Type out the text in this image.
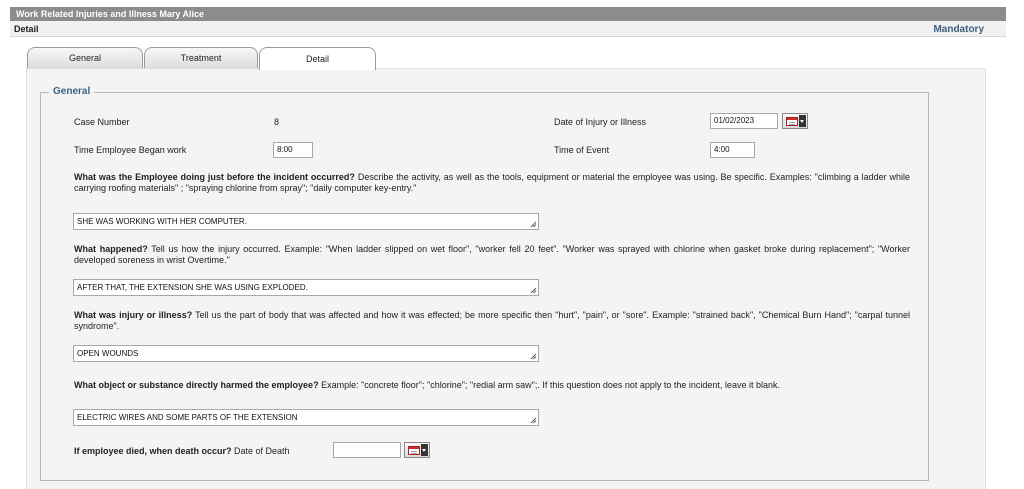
Work Related Injuries and Illness Mary Alice
Detail	Mandatory
General	Treatment	Detail
General
Case Number	8	Date of Injury or Illness	01/02/2023
Time Employee Began work	8:00	Time of Event	4:00
What was the Employee doing just before the incident occurred? Describe the activity, as well as the tools, equipment or material the employee was using. Be specific. Examples: "climbing a ladder while carrying roofing materials" ; "spraying chlorine from spray"; "daily computer key-entry."
SHE WAS WORKING WITH HER COMPUTER.
What happened? Tell us how the injury occurred. Example: "When ladder slipped on wet floor", "worker fell 20 feet". "Worker was sprayed with chlorine when gasket broke during replacement"; "Worker developed soreness in wrist Overtime."
AFTER THAT, THE EXTENSION SHE WAS USING EXPLODED.
What was injury or illness? Tell us the part of body that was affected and how it was effected; be more specific then "hurt", "pain", or "sore". Example: "strained back", "Chemical Burn Hand"; "carpal tunnel syndrome".
OPEN WOUNDS
What object or substance directly harmed the employee? Example: "concrete floor"; "chlorine"; "redial arm saw";. If this question does not apply to the incident, leave it blank.
ELECTRIC WIRES AND SOME PARTS OF THE EXTENSION
If employee died, when death occur? Date of Death
